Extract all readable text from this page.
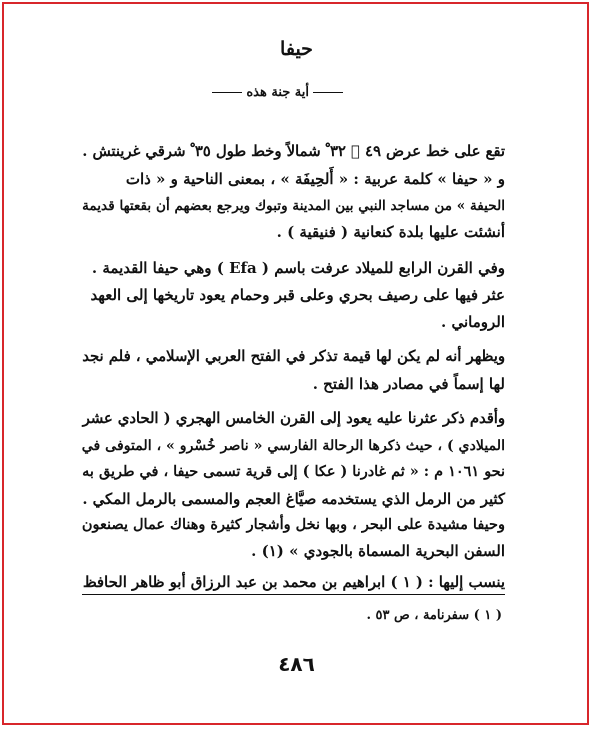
حيفا
أية جنة هذه
تقع على خط عرض ٤٩ َ ٣٢ ْ شمالاً وخط طول ٣٥ ْ شرقي غرينتش .
و « حيفا » كلمة عربية : « أَلحِيفَة » ، بمعنى الناحية و « ذات
الحيفة » من مساجد النبي بين المدينة وتبوك ويرجع بعضهم أن بقعتها قديمة
أنشئت عليها بلدة كنعانية ( فنيقية ) .
وفي القرن الرابع للميلاد عرفت باسم ( Efa ) وهي حيفا القديمة .
عثر فيها على رصيف بحري وعلى قبر وحمام يعود تاريخها إلى العهد
الروماني .
ويظهر أنه لم يكن لها قيمة تذكر في الفتح العربي الإسلامي ، فلم نجد
لها إسماً في مصادر هذا الفتح .
وأقدم ذكر عثرنا عليه يعود إلى القرن الخامس الهجري ( الحادي عشر
الميلادي ) ، حيث ذكرها الرحالة الفارسي « ناصر خُسْرو » ، المتوفى في
نحو ١٠٦١ م : « ثم غادرنا ( عكا ) إلى قرية تسمى حيفا ، في طريق به
كثير من الرمل الذي يستخدمه صيَّاغ العجم والمسمى بالرمل المكي .
وحيفا مشيدة على البحر ، وبها نخل وأشجار كثيرة وهناك عمال يصنعون
السفن البحرية المسماة بالجودي » (١) .
ينسب إليها : ( ١ ) ابراهيم بن محمد بن عبد الرزاق أبو ظاهر الحافظ
( ١ ) سفرنامة ، ص ٥٣ .
٤٨٦
